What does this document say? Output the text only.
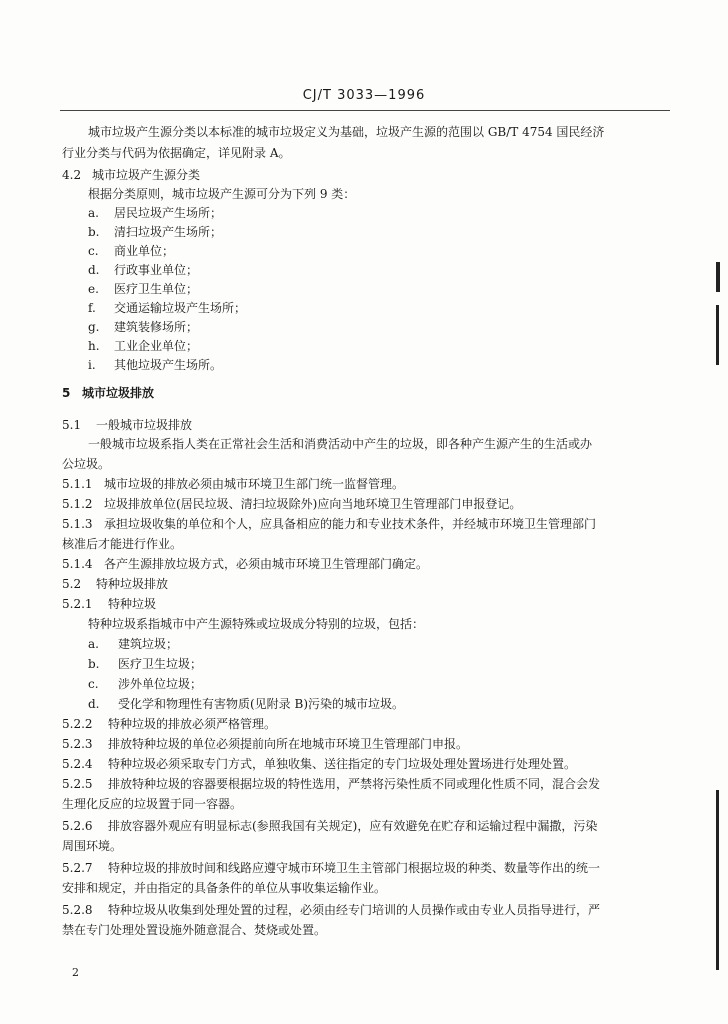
CJ/T 3033—1996
城市垃圾产生源分类以本标准的城市垃圾定义为基础，垃圾产生源的范围以 GB/T 4754 国民经济
行业分类与代码为依据确定，详见附录 A。
4.2 城市垃圾产生源分类
根据分类原则，城市垃圾产生源可分为下列 9 类：
a. 居民垃圾产生场所；
b. 清扫垃圾产生场所；
c. 商业单位；
d. 行政事业单位；
e. 医疗卫生单位；
f. 交通运输垃圾产生场所；
g. 建筑装修场所；
h. 工业企业单位；
i. 其他垃圾产生场所。
5 城市垃圾排放
5.1 一般城市垃圾排放
一般城市垃圾系指人类在正常社会生活和消费活动中产生的垃圾，即各种产生源产生的生活或办
公垃圾。
5.1.1 城市垃圾的排放必须由城市环境卫生部门统一监督管理。
5.1.2 垃圾排放单位(居民垃圾、清扫垃圾除外)应向当地环境卫生管理部门申报登记。
5.1.3 承担垃圾收集的单位和个人，应具备相应的能力和专业技术条件，并经城市环境卫生管理部门
核准后才能进行作业。
5.1.4 各产生源排放垃圾方式，必须由城市环境卫生管理部门确定。
5.2 特种垃圾排放
5.2.1 特种垃圾
特种垃圾系指城市中产生源特殊或垃圾成分特别的垃圾，包括：
a. 建筑垃圾；
b. 医疗卫生垃圾；
c. 涉外单位垃圾；
d. 受化学和物理性有害物质(见附录 B)污染的城市垃圾。
5.2.2 特种垃圾的排放必须严格管理。
5.2.3 排放特种垃圾的单位必须提前向所在地城市环境卫生管理部门申报。
5.2.4 特种垃圾必须采取专门方式，单独收集、送往指定的专门垃圾处理处置场进行处理处置。
5.2.5 排放特种垃圾的容器要根据垃圾的特性选用，严禁将污染性质不同或理化性质不同，混合会发
生理化反应的垃圾置于同一容器。
5.2.6 排放容器外观应有明显标志(参照我国有关规定)，应有效避免在贮存和运输过程中漏撒，污染
周围环境。
5.2.7 特种垃圾的排放时间和线路应遵守城市环境卫生主管部门根据垃圾的种类、数量等作出的统一
安排和规定，并由指定的具备条件的单位从事收集运输作业。
5.2.8 特种垃圾从收集到处理处置的过程，必须由经专门培训的人员操作或由专业人员指导进行，严
禁在专门处理处置设施外随意混合、焚烧或处置。
2
